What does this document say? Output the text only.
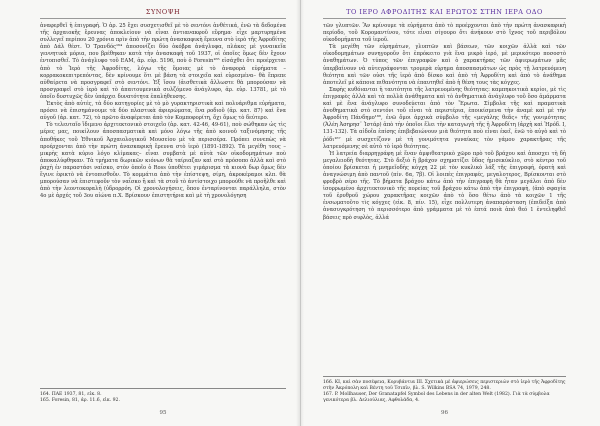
ΣΥΝΟΨΗ

ἀναφερθεῖ ἡ ἐπιγραφή. Ὁ ἀρ. 25 ἔχει συσχετισθεῖ μὲ τὸ σεντόνι ἀνθέτικά, ἐνῶ τὰ δεδομένα τῆς ἀρχαιοκῆς ἔρευνας ἀποκλείουν νὰ εἶναι ἀντιανακφοῦ εὔρημα· εἶχε μαρτυρημένα συλλεγεῖ περίπου 20 χρόνια πρὶν ἀπὸ τὴν πρώτη ἀνασκαφικὴ ἔρευνα στὸ ἱερὸ τῆς Ἀφροδίτης ἀπὸ Δάλ θέστ. Ὁ Τρανδός¹⁶⁴ ἀποσονίζει δύο ὀκόβρα ἀνάγλυφα, πλάκες μὲ γυναικεῖα γεννητικὰ μόρια, που βρέθηκαν κατὰ τὴν ἀνασκαφὴ τοῦ 1937, οἱ ὁποῖες ὅμως δὲν ἔχουν ἐντοπισθεῖ. Τὸ ἀνάγλυφο τοῦ ΕΑΜ, ἀρ. εὑρ. 5196, ποὺ ὁ Foresin¹⁶⁵ εἰσάχθει ὅτι προέρχεται ἀπὸ τὸ Ἱερὸ τῆς Ἀφροδίτης, λόγω τῆς ὅμοιας μὲ τὸ ἀναφορὰ εὑρήματα –κορρακοκεπιτρεπόντας, δὲν κρίνουμε ὅτι μὲ βάση τὰ στοιχεῖα καὶ εὑρεσμένα– θὰ ἔπρεπε αὐθαίρετα νὰ προσγραφεῖ στὸ σεντόνι. Ἐξ ἴσου (ἀισθετικὰ ἄλλωστε θὰ μπορούσαν νὰ προσγραφεῖ στὸ ἱερὸ καὶ τὸ ἀπαιτουμενικὰ συλζόμενο ἀνάγλυφο, ἀρ. εὑρ. 13781, μὲ τὸ ὁποῖο δυστυχῶς δὲν ὑπάρχει δυνατότητα ἐπαλήθευσης.

Ἐκτὸς ἀπὸ αὐτές, τὰ δύο κατηγορίες μὲ τὸ μὸ γυρακτηριστικὰ καὶ πολυάριθμα εὑρήματα, πρόσει νὰ ἐπισημάνουμε τὰ δύο πλαστικὰ ἀφιερώματα, ἕνα ροδιοῦ (ἀρ. κατ. 87) καὶ ἕνα αὐγοῦ (ἀρ. κατ. 72), τὸ πρῶτο ἀναφέρεται ἀπὸ τὸν Κομποφορίτη, ὅχι ὅμως τὸ δεύτερο.

Τὸ τελευταῖο ἴδιμενο ἀρχιτεκτονικὸ στοιχεῖο (ἀρ. κατ. 42-46, 49-61), ποὺ σώθηκαν ὡς τὶς μέρες μας, ποικίλουν ἀποσπασματικὰ καὶ μόνο λόγω τῆς ἀπὸ κοινοῦ ταξινόμησης τῆς ἀποθήκες τοῦ Ἐθνικοῦ Ἀρχαιολογικοῦ Μουσείου μὲ τὰ περισσέρα. Πρόπει συνεπὼς νὰ προέρχονται ἀπὸ τὴν πρώτη ἀνασκαφικὴ ἔρευνα στὸ ἱερὸ (1891-1892). Τὰ μεγέθη τους –μικρὴς κατὰ κύριο λόγο κλίμακας– εἶναι συμβατὰ μὲ αὐτὰ τῶν οἰκοδομημάτων ποὺ ἀποκαλύφθηκαν. Τὰ τμήματα δωρικῶν κιόνων θὰ ταίριαζαν καὶ στὸ πρόσοπο ἀλλὰ καὶ στὸ ῥαχὴ ἐν παραστάσι ναΐσκο, στὸν ὁποῖο ὁ Ross ὑποθέτει γιμάρισμα τὰ κιονὰ δωρ ὅμως δὲν ἔγινε ἐφικτὸ νὰ ἐντοπισθοῦν. Τὸ κομμάτια ἀπὸ τὴν ἐπίστεψη, σίμη, ἀκροκέραμοι κλπ. θὰ μπορούσαν νὰ ἐπιστεφοῦν τὸν ναΐσκο ἢ καὶ τὰ στοῦ τὸ ἀντίστοιχο μπορούθε νὰ προῆλθε καὶ ἀπὸ τὴν λεοντοκεφαλὴ (ὑδρορρόη. Οἱ χρονολογήσεις, ὅπου ἐνταρίνονται παράλληλα, στὸν 4ο μὲ ἀρχές τοῦ 3ου αἰώνα π.Χ. Βρίσκουν ἐπιστητήρια καὶ μὲ τὴ χρονολόγηση

164. ΠΑΕ 1937, 81, εἰκ. 8.

165. Foresin, 81, ἀρ. 11.6, εἰκ. 92.

95
ΤΟ ΙΕΡΟ ΑΦΡΟΔΙΤΗΣ ΚΑΙ ΕΡΩΤΟΣ ΣΤΗΝ ΙΕΡΑ ΟΔΟ

τῶν γλυπτῶν. Ἂν κρίνουμε τὰ εὑρήματα ἀπὸ τὸ προέρχονται ἀπὸ τὴν πρώτη ἀνασκαφικὴ περίοδο, τοῦ Κορομαντίνου, τότε εἶναι σίγουρο ὅτι ἀνήκουν στὸ ἴχνος τοῦ περιβόλου οἰκοδομήματα τοῦ ἱεροῦ.

Τὰ μεγέθη τῶν εὑρημάτων, γλυπτῶν καὶ βάσεων, τῶν κοιχῶν ἀλλὰ καὶ τῶν οἰκοδομημάτων συνηγοροῦν ὅτι ἐπρόκειτο γιὰ ἕνα μικρὸ ἱερό, μὲ μερικότερο ποσοστὸ ἀναθημάτων. Ὁ τύπος τῶν ἐπιγραφῶν καὶ ὁ χαρακτήρας τῶν ἀφιερωμάτων μᾶς ὑπερβαίνουν νὰ αὐτεγράφονται τρομερὰ εὑρημα ἀποσπασμάτων ὡς πρὸς τῇ λατρευόμενη θεότητα καὶ τῶν οὐσι τῆς ἱερὸ ἀπὸ δίσκο καὶ ἀπὸ τὴ Ἀφροδίτη καὶ ἀπὸ τὸ ἀνάθημα ἀποτελεῖ μὲ κάποια πιθανότητα νὰ ἐπαυτηθεῖ ἀπὸ ἡ θέση τους τὰς κόγχες.

Σαφὴς κυθόιανται ἡ ταυτότητα τῆς λατρευομένης θεότητας: καμπηκοιτικὰ κερίοι, μὲ τὶς ἐπιγραφὲς ἀλλὰ καὶ τὰ πολλὰ ἀνάθηματα καὶ τὸ ἀνθηματικὰ ἀνάγλυφο τοῦ ὅσο ἀμάρματα καὶ μὲ ἕνα ἀνάγλυφο συνοδεύεται ἀπὸ τὸν Ἔρωτα. Σίμβολα τῆς καὶ πραματικὰ ἀνοθηματικὰ στὸ σεντόνι τοῦ εἶναι τὰ περιστέρια, ἐποικίσμενα τὴν ἀναμὲ καὶ μὲ τὴν Ἀφροδίτη Πάνδημο¹⁶⁶, ἐνῶ ὅμοι ἀρχικὰ σύμβολο τῆς «μεγάλης θεᾶς» τῆς γονιμότητας (Ἀλέη Ἀσηρησ᾽ Ἰστάρ) ἀπὸ τὴν ὁποῖοι ἔλει τὴν καταγωγὴ τῆς ἡ Ἀφροδίτη (ἀρχὴ καὶ Ἡρόδ. I, 131-132). Τὰ αἰδοῖα ἐπίσης ἐπιβεβαιώνουν μιὰ θεότητα ποὺ εἶναι ἐκεῖ, ἐνῶ τὸ αὐγὸ καὶ τὸ ῥόδι¹⁶⁷ μὲ συσχετίζονν μὲ τὴ γονιμότητα γυναίκας τὸν γάμου χαρακτῆρας τῆς λατρευόμενης σὲ αὐτὸ τὸ ἱερὸ θεότητας.

Ἡ λατρεία διαρρηγράφη μὲ ἕναν ἀμφιθεατρικὸ χῶρο πρὸ τοῦ βράχου καὶ ἀποσχει τὴ δὴ μεγαλειοδὴ θεότητας. Στὸ δεξιὸ ἢ βράχον σχηματίζει ὕδας ἠμισεκύκλιο, στὸ κέντρο τοῦ ὁποίου βρίσκεται ἡ μνημεῖοδὴς κόγχη 22 μὲ τὸν κυκλικὸ λάξ τῆς ἐπιγραφή, ὀρατὴ καὶ ἀναγνώσιμη ἀπὸ παντοῦ (πίν. 6α, 7β). Οἱ λοιπὲς ἐπιγραφές, μεγαλοτερος, Βρίσκονται στὸ φροβρὸ σέρο τῆς. Τὸ βήματα βράχου κάτω ἀπὸ τὴν ἐπιγραφὴ θὰ ἦταν μεγάλοι ἀπὸ δὲν ἰσορρωμένο ἀρχιτεκτονικὸ τῆς πορείας τοῦ βράχου κάτω ἀπὸ τὴν ἐπιγραφὴ, (ἀπὸ σφαγία τοῦ ἐρυθροῦ χώρου χαρακτῆρας κοιχῶν ἀπὸ τὸ ὅσο θέτω ἀπὸ τὰ κοιχῶν 1 τῆς ἐνσωματοῦτο τὶς κόγχες (εἰκ. 8, πίν. 15), εἶχε πολλυτερη ἀναπαράσταση (ἐπιδείξα ἀπὸ ἀνασυγκρότηση τὸ περισσότερο ἀπὸ γράμματα μὲ τὸ ἐπτά ποιὰ ἀπὸ θεό 1 ἑντεληφθεῖ βάσεις πρὸ σιφλὸς, ἀλλά

166. ΚΙ, καὶ σὰν ποσέφεια, Κορυβάντια ΙΙΙ. Σχετικὰ μὲ ἀφιερώσεις περιστεριών στὸ ἱερὸ τῆς Ἀφροδίτης στὴν Ἀκρόπολη καὶ Βέντη τοῦ Τσιπῖν, βλ. S. Wilkins BSA 74, 1979, 248.

167. P. Mollhauser, Der Granatapfel Symbol des Lebens in der alten Welt (1982). Γιὰ τὰ σύμβολα γενικότερα βλ. Δελιούλιας, Αφθολάδα, 4.

96
